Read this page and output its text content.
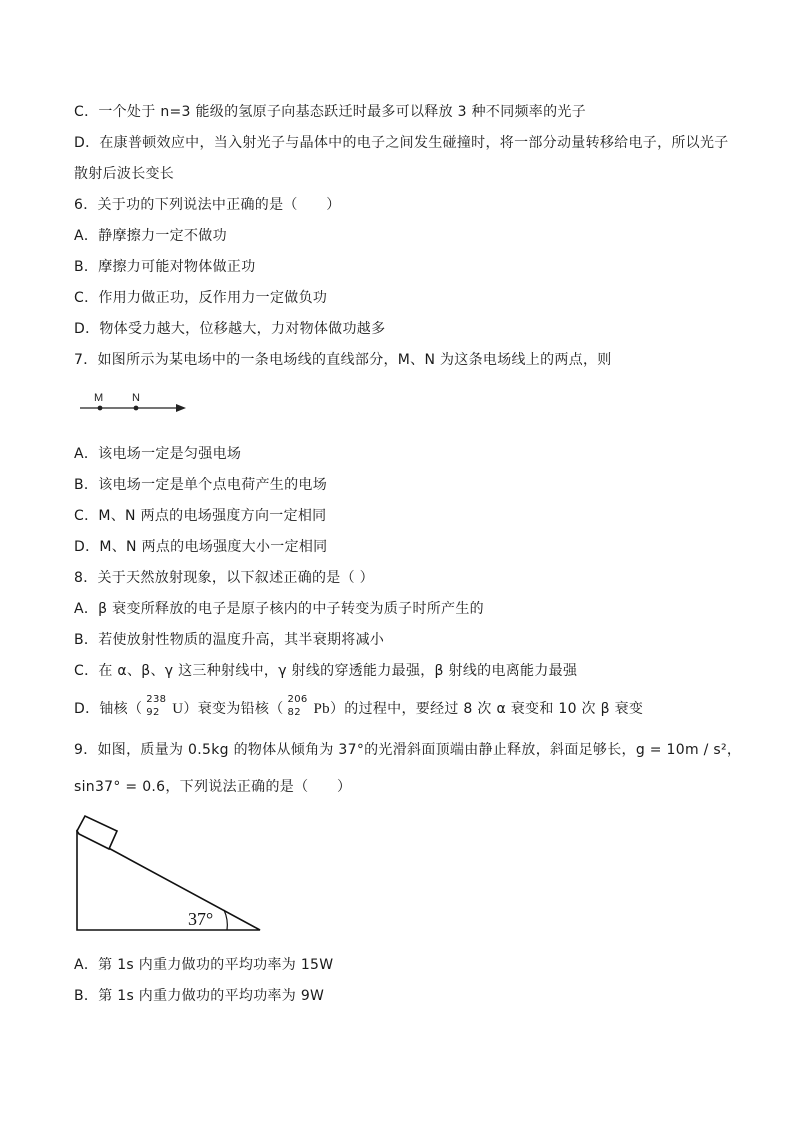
C．一个处于 n=3 能级的氢原子向基态跃迁时最多可以释放 3 种不同频率的光子
D．在康普顿效应中，当入射光子与晶体中的电子之间发生碰撞时，将一部分动量转移给电子，所以光子
散射后波长变长
6．关于功的下列说法中正确的是（　　）
A．静摩擦力一定不做功
B．摩擦力可能对物体做正功
C．作用力做正功，反作用力一定做负功
D．物体受力越大，位移越大，力对物体做功越多
7．如图所示为某电场中的一条电场线的直线部分，M、N 为这条电场线上的两点，则
M	N
A．该电场一定是匀强电场
B．该电场一定是单个点电荷产生的电场
C．M、N 两点的电场强度方向一定相同
D．M、N 两点的电场强度大小一定相同
8．关于天然放射现象，以下叙述正确的是（ ）
A．β 衰变所释放的电子是原子核内的中子转变为质子时所产生的
B．若使放射性物质的温度升高，其半衰期将减小
C．在 α、β、γ 这三种射线中，γ 射线的穿透能力最强，β 射线的电离能力最强
D．铀核（
238
92 U ）衰变为铅核（
206
82 Pb ）的过程中，要经过 8 次 α 衰变和 10 次 β 衰变
9．如图，质量为 0.5kg 的物体从倾角为 37°的光滑斜面顶端由静止释放，斜面足够长，g = 10m / s²，
sin37° = 0.6，下列说法正确的是（　　）
37°
A．第 1s 内重力做功的平均功率为 15W
B．第 1s 内重力做功的平均功率为 9W
